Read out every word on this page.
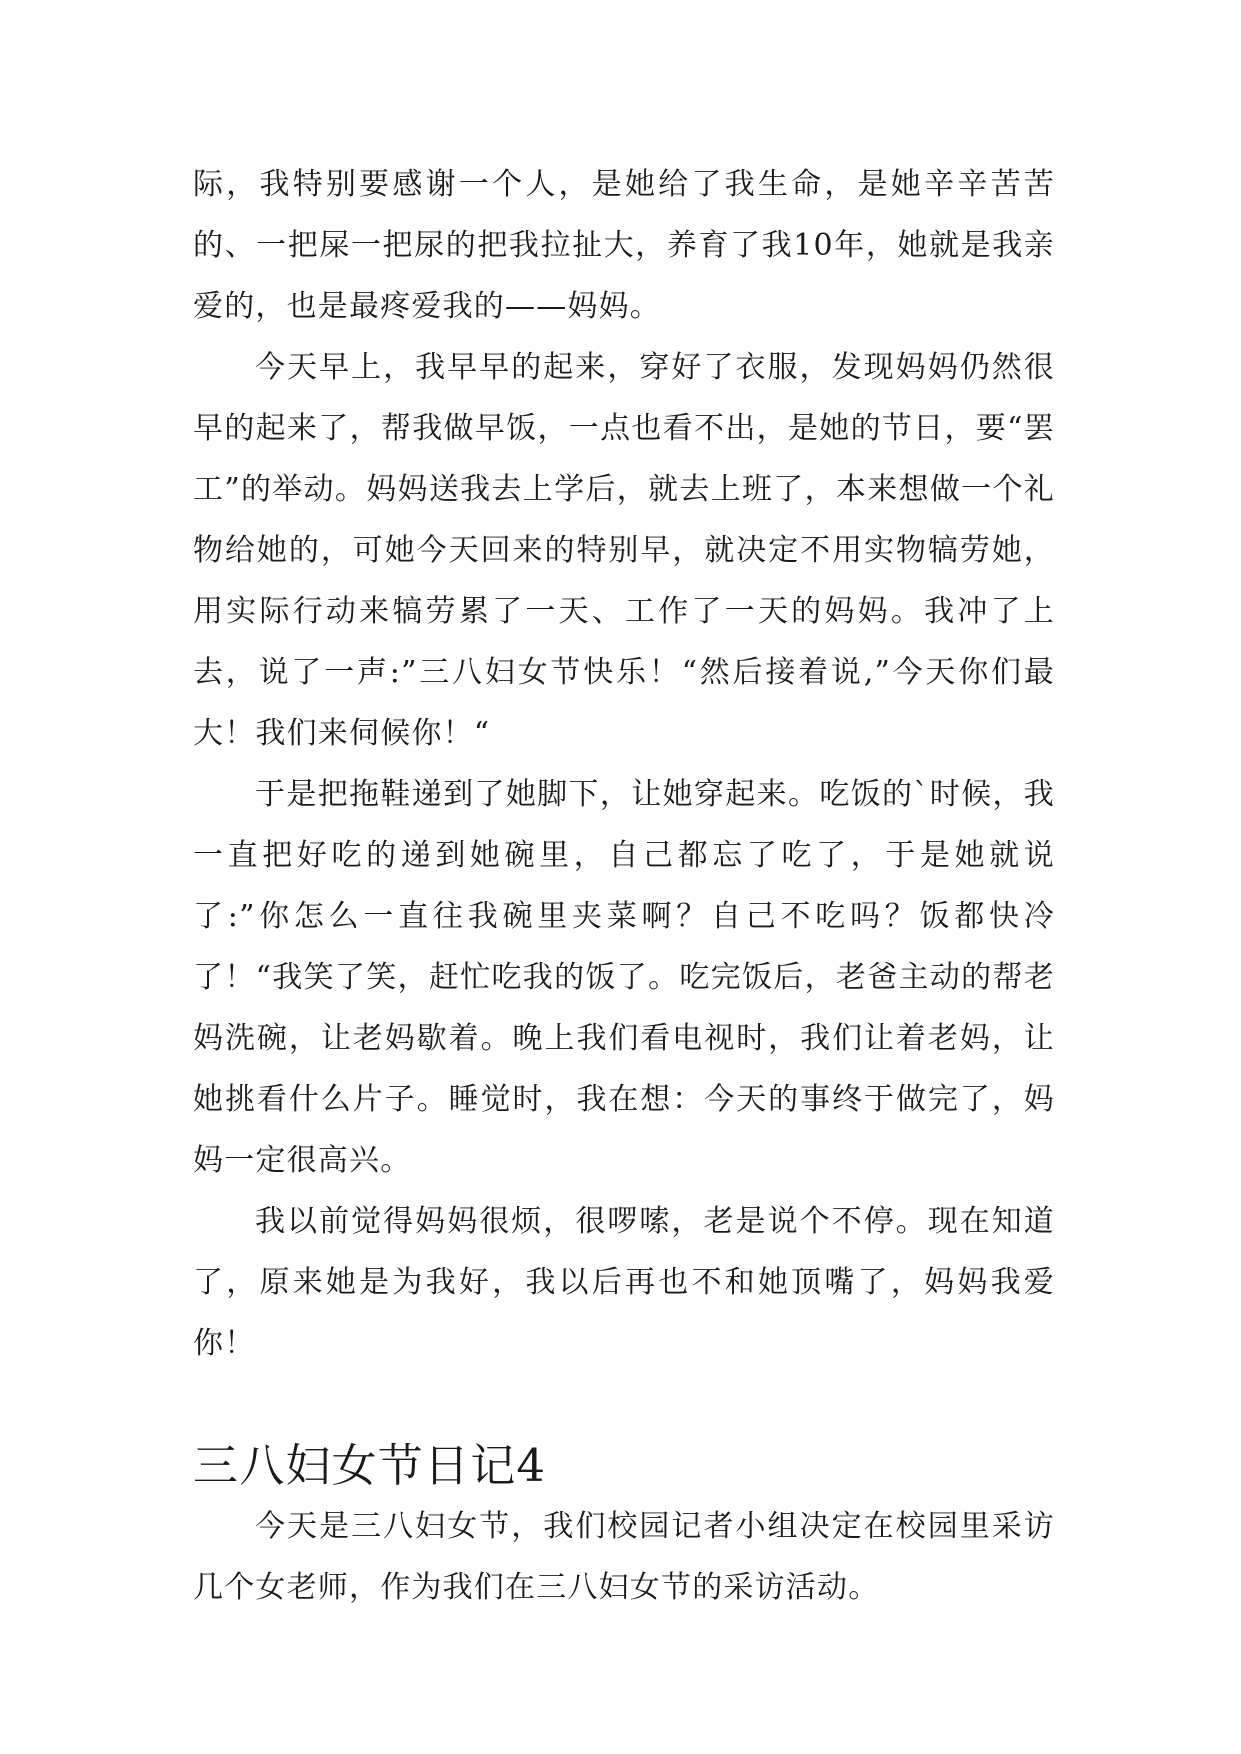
际，我特别要感谢一个人，是她给了我生命，是她辛辛苦苦的、一把屎一把尿的把我拉扯大，养育了我10年，她就是我亲爱的，也是最疼爱我的——妈妈。

今天早上，我早早的起来，穿好了衣服，发现妈妈仍然很早的起来了，帮我做早饭，一点也看不出，是她的节日，要“罢工”的举动。妈妈送我去上学后，就去上班了，本来想做一个礼物给她的，可她今天回来的特别早，就决定不用实物犒劳她，用实际行动来犒劳累了一天、工作了一天的妈妈。我冲了上去，说了一声:”三八妇女节快乐！“然后接着说,”今天你们最大！我们来伺候你！“

于是把拖鞋递到了她脚下，让她穿起来。吃饭的`时候，我一直把好吃的递到她碗里，自己都忘了吃了，于是她就说了:”你怎么一直往我碗里夹菜啊？自己不吃吗？饭都快冷了！“我笑了笑，赶忙吃我的饭了。吃完饭后，老爸主动的帮老妈洗碗，让老妈歇着。晚上我们看电视时，我们让着老妈，让她挑看什么片子。睡觉时，我在想：今天的事终于做完了，妈妈一定很高兴。

我以前觉得妈妈很烦，很啰嗦，老是说个不停。现在知道了，原来她是为我好，我以后再也不和她顶嘴了，妈妈我爱你！

三八妇女节日记4

今天是三八妇女节，我们校园记者小组决定在校园里采访几个女老师，作为我们在三八妇女节的采访活动。
